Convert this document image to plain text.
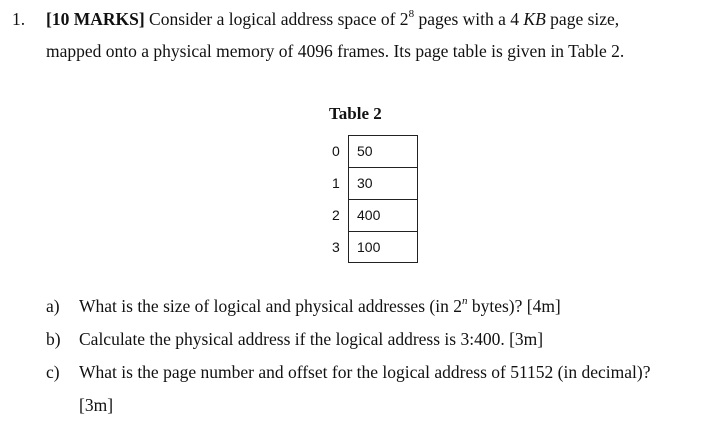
1. [10 MARKS] Consider a logical address space of $2^8$ pages with a 4 KB page size,
mapped onto a physical memory of 4096 frames. Its page table is given in Table 2.
Table 2
0	50
1	30
2	400
3	100
a) What is the size of logical and physical addresses (in 2$^n$ bytes)? [4m]
b) Calculate the physical address if the logical address is 3:400. [3m]
c) What is the page number and offset for the logical address of 51152 (in decimal)?
[3m]
